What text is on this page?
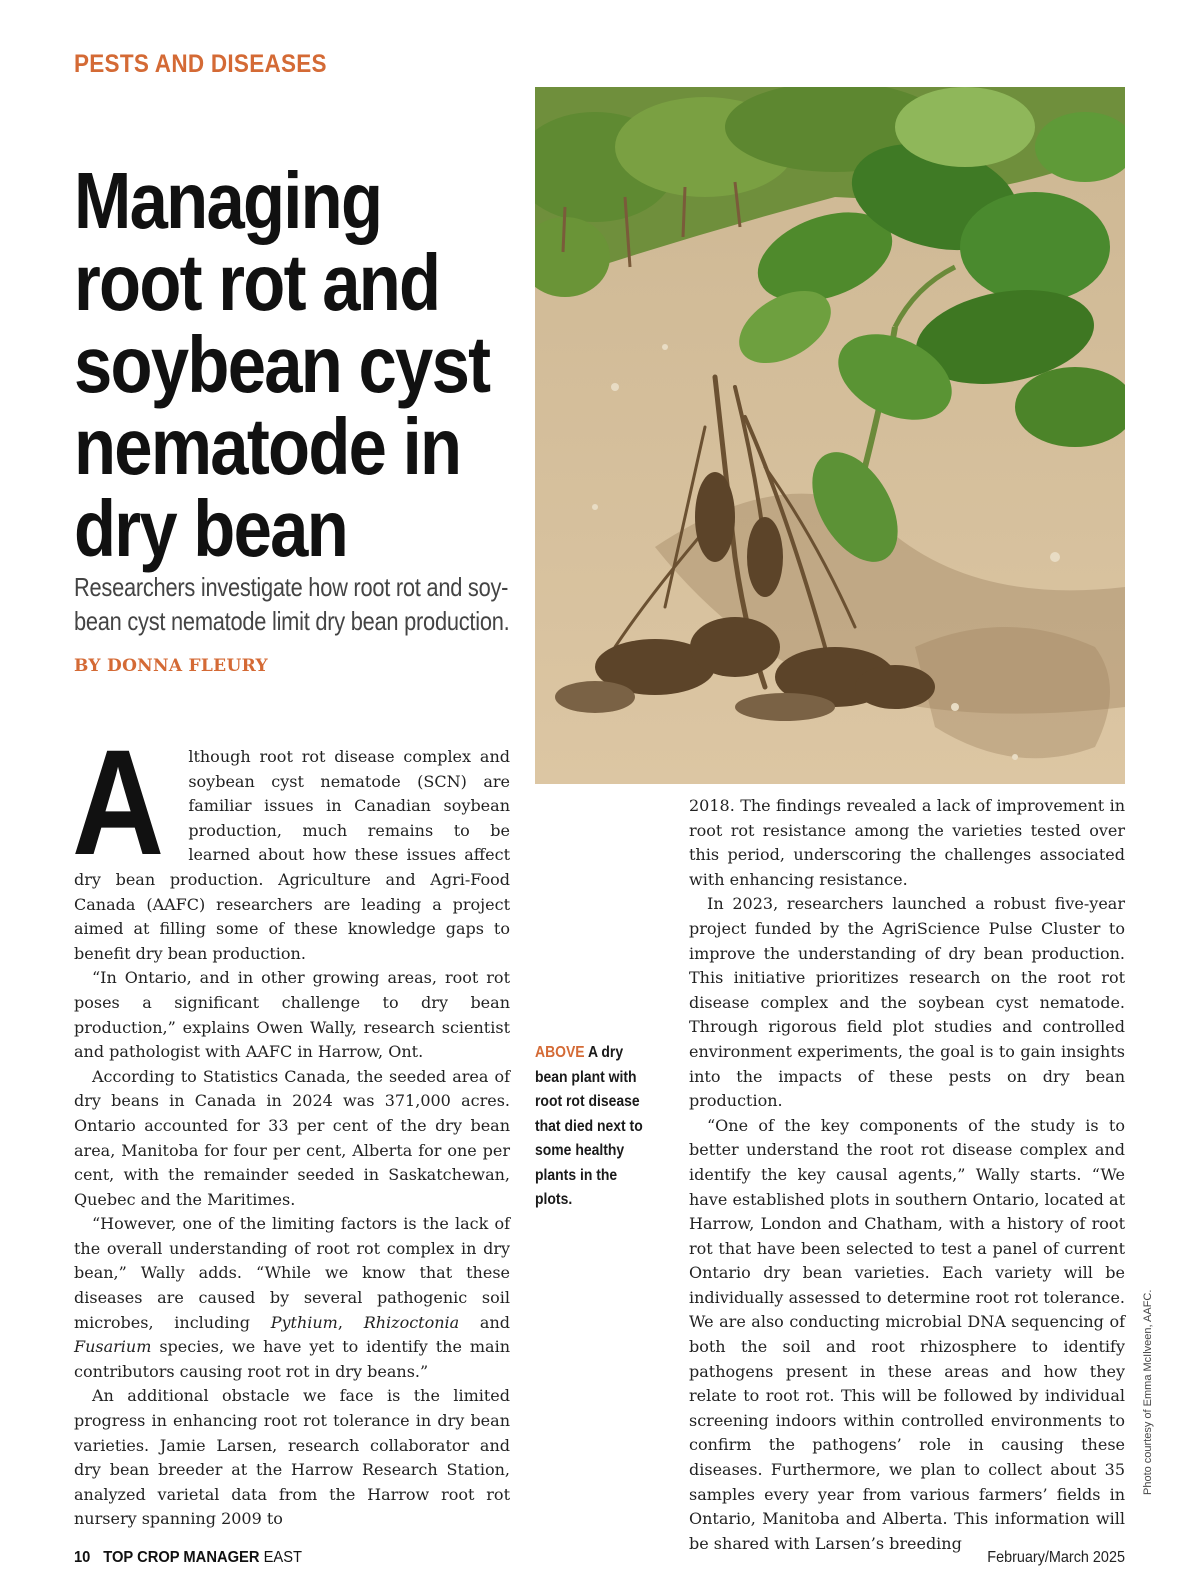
PESTS AND DISEASES
Managing
root rot and
soybean cyst
nematode in
dry bean
Researchers investigate how root rot and soy-
bean cyst nematode limit dry bean production.
BY DONNA FLEURY

A lthough root rot disease complex and soybean cyst nematode (SCN) are familiar issues in Canadian soybean production, much remains to be learned about how these issues affect dry bean production. Agriculture and Agri-Food Canada (AAFC) researchers are leading a project aimed at filling some of these knowledge gaps to benefit dry bean production.

“In Ontario, and in other growing areas, root rot poses a significant challenge to dry bean production,” explains Owen Wally, research scientist and pathologist with AAFC in Harrow, Ont.

According to Statistics Canada, the seeded area of dry beans in Canada in 2024 was 371,000 acres. Ontario accounted for 33 per cent of the dry bean area, Manitoba for four per cent, Alberta for one per cent, with the remainder seeded in Saskatchewan, Quebec and the Maritimes.

“However, one of the limiting factors is the lack of the overall understanding of root rot complex in dry bean,” Wally adds. “While we know that these diseases are caused by several pathogenic soil microbes, including Pythium, Rhizoctonia and Fusarium species, we have yet to identify the main contributors causing root rot in dry beans.”

An additional obstacle we face is the limited progress in enhancing root rot tolerance in dry bean varieties. Jamie Larsen, research collaborator and dry bean breeder at the Harrow Research Station, analyzed varietal data from the Harrow root rot nursery spanning 2009 to

ABOVE A dry bean plant with root rot disease that died next to some healthy plants in the plots.

2018. The findings revealed a lack of improvement in root rot resistance among the varieties tested over this period, underscoring the challenges associated with enhancing resistance.

In 2023, researchers launched a robust five-year project funded by the AgriScience Pulse Cluster to improve the understanding of dry bean production. This initiative prioritizes research on the root rot disease complex and the soybean cyst nematode. Through rigorous field plot studies and controlled environment experiments, the goal is to gain insights into the impacts of these pests on dry bean production.

“One of the key components of the study is to better understand the root rot disease complex and identify the key causal agents,” Wally starts. “We have established plots in southern Ontario, located at Harrow, London and Chatham, with a history of root rot that have been selected to test a panel of current Ontario dry bean varieties. Each variety will be individually assessed to determine root rot tolerance. We are also conducting microbial DNA sequencing of both the soil and root rhizosphere to identify pathogens present in these areas and how they relate to root rot. This will be followed by individual screening indoors within controlled environments to confirm the pathogens’ role in causing these diseases. Furthermore, we plan to collect about 35 samples every year from various farmers’ fields in Ontario, Manitoba and Alberta. This information will be shared with Larsen’s breeding

Photo courtesy of Emma McIlveen, AAFC.
10 TOP CROP MANAGER EAST	February/March 2025
